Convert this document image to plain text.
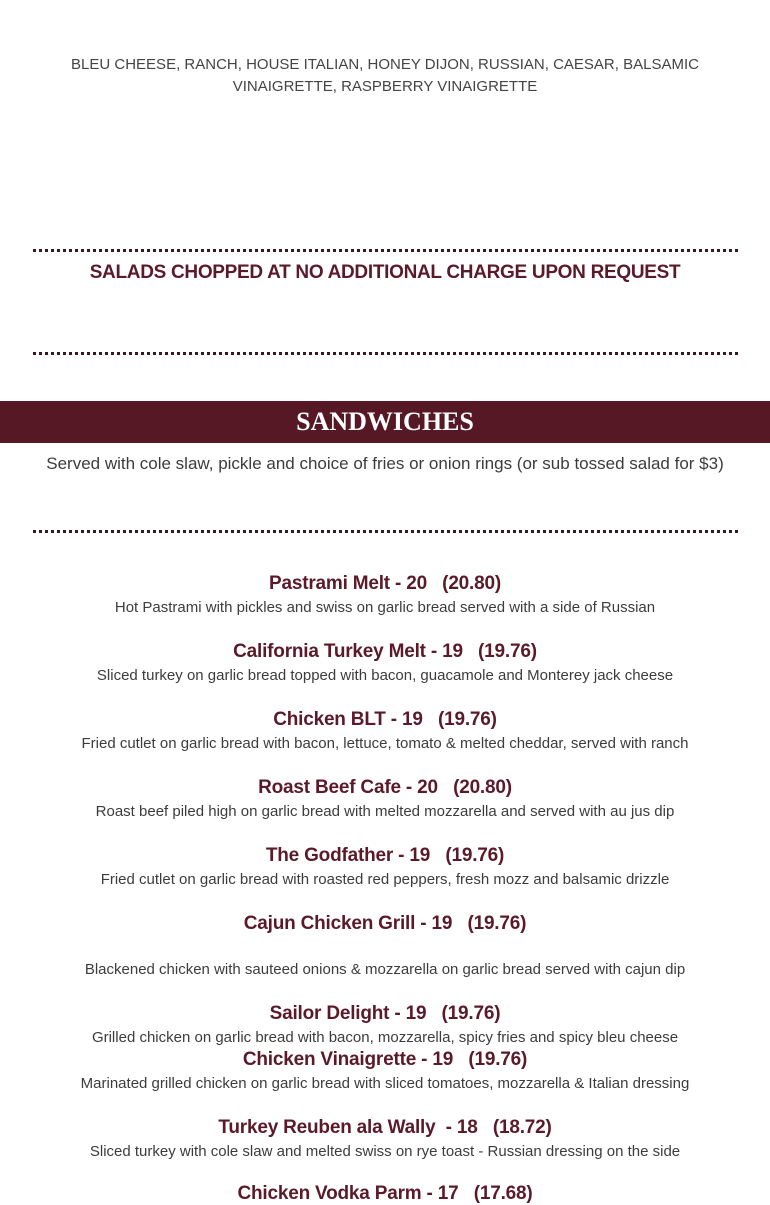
BLEU CHEESE, RANCH, HOUSE ITALIAN, HONEY DIJON, RUSSIAN, CAESAR, BALSAMIC VINAIGRETTE, RASPBERRY VINAIGRETTE
SALADS CHOPPED AT NO ADDITIONAL CHARGE UPON REQUEST
SANDWICHES
Served with cole slaw, pickle and choice of fries or onion rings (or sub tossed salad for $3)
Pastrami Melt - 20   (20.80)
Hot Pastrami with pickles and swiss on garlic bread served with a side of Russian
California Turkey Melt - 19   (19.76)
Sliced turkey on garlic bread topped with bacon, guacamole and Monterey jack cheese
Chicken BLT - 19   (19.76)
Fried cutlet on garlic bread with bacon, lettuce, tomato & melted cheddar, served with ranch
Roast Beef Cafe - 20   (20.80)
Roast beef piled high on garlic bread with melted mozzarella and served with au jus dip
The Godfather - 19   (19.76)
Fried cutlet on garlic bread with roasted red peppers, fresh mozz and balsamic drizzle
Cajun Chicken Grill - 19   (19.76)
Blackened chicken with sauteed onions & mozzarella on garlic bread served with cajun dip
Sailor Delight - 19   (19.76)
Grilled chicken on garlic bread with bacon, mozzarella, spicy fries and spicy bleu cheese
Chicken Vinaigrette - 19   (19.76)
Marinated grilled chicken on garlic bread with sliced tomatoes, mozzarella & Italian dressing
Turkey Reuben ala Wally  - 18   (18.72)
Sliced turkey with cole slaw and melted swiss on rye toast - Russian dressing on the side
Chicken Vodka Parm - 17   (17.68)
